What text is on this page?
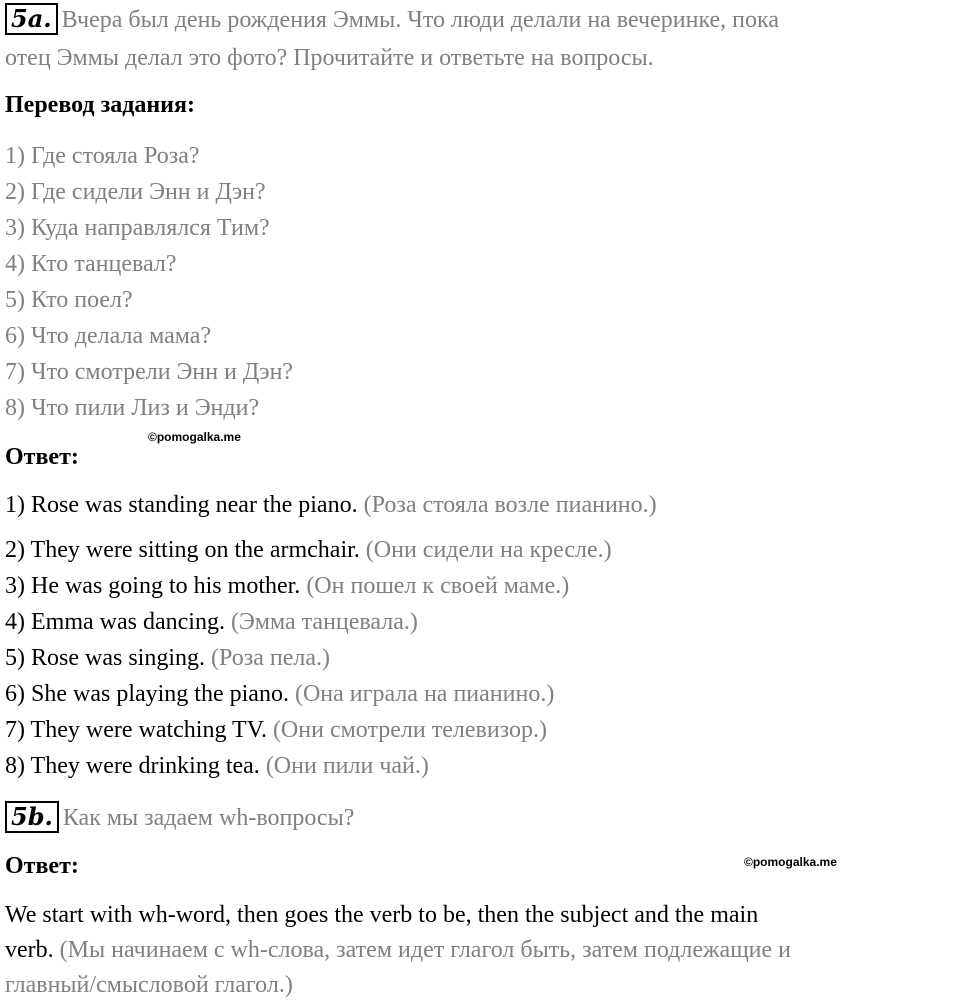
5a. Вчера был день рождения Эммы. Что люди делали на вечеринке, пока
отец Эммы делал это фото? Прочитайте и ответьте на вопросы.
Перевод задания:
1) Где стояла Роза?
2) Где сидели Энн и Дэн?
3) Куда направлялся Тим?
4) Кто танцевал?
5) Кто поел?
6) Что делала мама?
7) Что смотрели Энн и Дэн?
8) Что пили Лиз и Энди?
©pomogalka.me
Ответ:
1) Rose was standing near the piano. (Роза стояла возле пианино.)
2) They were sitting on the armchair. (Они сидели на кресле.)
3) He was going to his mother. (Он пошел к своей маме.)
4) Emma was dancing. (Эмма танцевала.)
5) Rose was singing. (Роза пела.)
6) She was playing the piano. (Она играла на пианино.)
7) They were watching TV. (Они смотрели телевизор.)
8) They were drinking tea. (Они пили чай.)
5b. Как мы задаем wh-вопросы?
Ответ:	©pomogalka.me
We start with wh-word, then goes the verb to be, then the subject and the main
verb. (Мы начинаем с wh-слова, затем идет глагол быть, затем подлежащие и
главный/смысловой глагол.)
